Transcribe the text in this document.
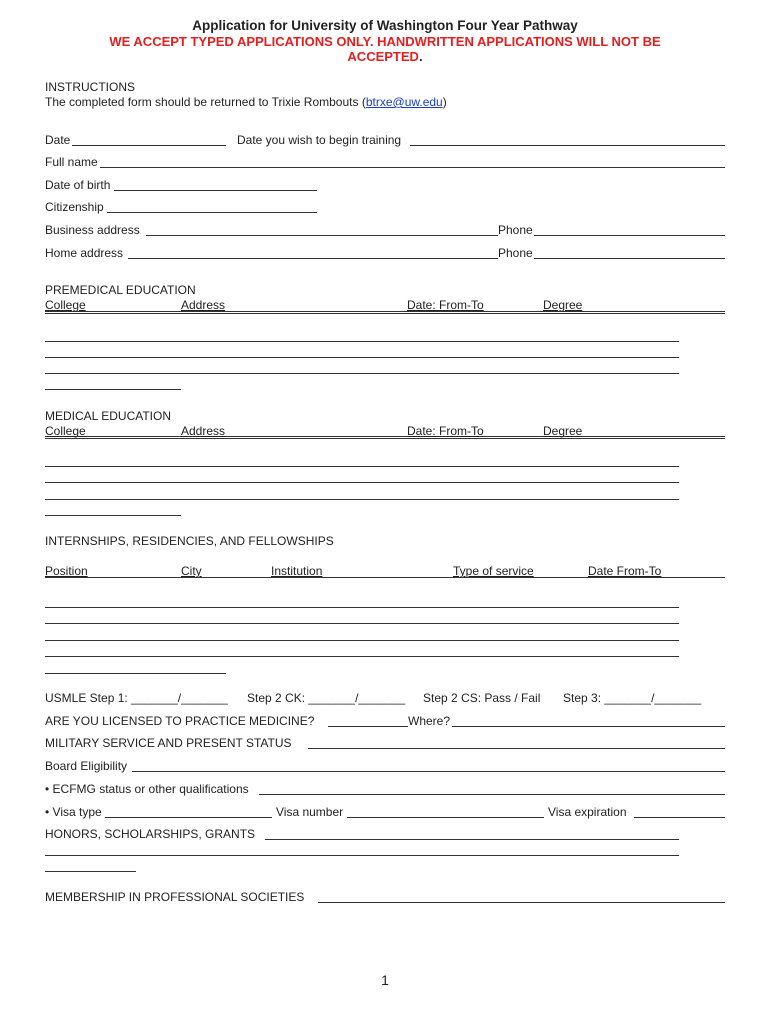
Application for University of Washington Four Year Pathway
WE ACCEPT TYPED APPLICATIONS ONLY. HANDWRITTEN APPLICATIONS WILL NOT BE
ACCEPTED.
INSTRUCTIONS
The completed form should be returned to Trixie Rombouts (btrxe@uw.edu)
Date	Date you wish to begin training
Full name
Date of birth
Citizenship
Business address	Phone
Home address	Phone
PREMEDICAL EDUCATION
College	Address	Date: From-To	Degree
MEDICAL EDUCATION
College	Address	Date: From-To	Degree
INTERNSHIPS, RESIDENCIES, AND FELLOWSHIPS
Position	City	Institution	Type of service	Date From-To
USMLE Step 1: _______/_______ Step 2 CK: _______/_______ Step 2 CS: Pass / Fail Step 3: _______/_______
ARE YOU LICENSED TO PRACTICE MEDICINE?	Where?
MILITARY SERVICE AND PRESENT STATUS
Board Eligibility
• ECFMG status or other qualifications
• Visa type	Visa number	Visa expiration
HONORS, SCHOLARSHIPS, GRANTS
MEMBERSHIP IN PROFESSIONAL SOCIETIES
1
